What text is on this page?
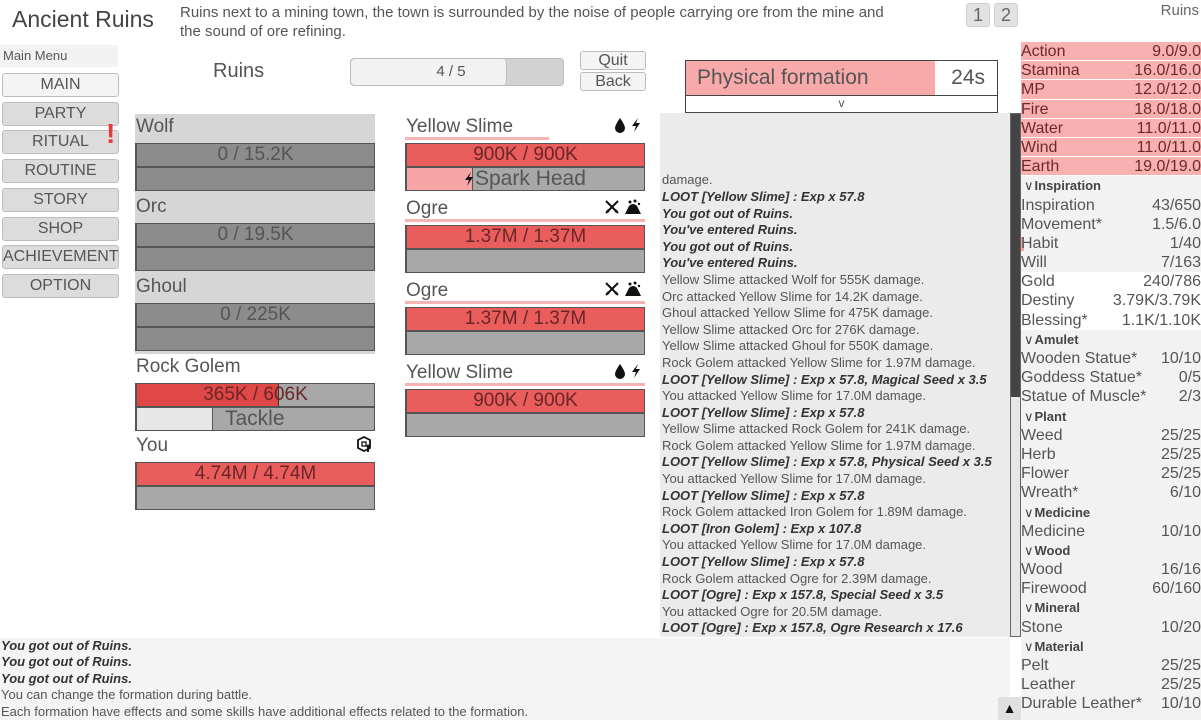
Ancient Ruins Ruins next to a mining town, the town is surrounded by the noise of people carrying ore from the mine and the sound of ore refining.
1 2	Ruins
Main Menu
MAIN
PARTY
RITUAL
ROUTINE
STORY
SHOP
ACHIEVEMENT
OPTION
!
Ruins	4 / 5
Quit
Back	Physical formation	24s
v
Wolf
0 / 15.2K
Orc
0 / 19.5K
Ghoul
0 / 225K
Rock Golem
365K / 606K
Tackle
You
4.74M / 4.74M
Yellow Slime
900K / 900K
Spark Head
Ogre
1.37M / 1.37M
Ogre
1.37M / 1.37M
Yellow Slime
900K / 900K
damage.
LOOT [Yellow Slime] : Exp x 57.8
You got out of Ruins.
You've entered Ruins.
You got out of Ruins.
You've entered Ruins.
Yellow Slime attacked Wolf for 555K damage.
Orc attacked Yellow Slime for 14.2K damage.
Ghoul attacked Yellow Slime for 475K damage.
Yellow Slime attacked Orc for 276K damage.
Yellow Slime attacked Ghoul for 550K damage.
Rock Golem attacked Yellow Slime for 1.97M damage.
LOOT [Yellow Slime] : Exp x 57.8, Magical Seed x 3.5
You attacked Yellow Slime for 17.0M damage.
LOOT [Yellow Slime] : Exp x 57.8
Yellow Slime attacked Rock Golem for 241K damage.
Rock Golem attacked Yellow Slime for 1.97M damage.
LOOT [Yellow Slime] : Exp x 57.8, Physical Seed x 3.5
You attacked Yellow Slime for 17.0M damage.
LOOT [Yellow Slime] : Exp x 57.8
Rock Golem attacked Iron Golem for 1.89M damage.
LOOT [Iron Golem] : Exp x 107.8
You attacked Yellow Slime for 17.0M damage.
LOOT [Yellow Slime] : Exp x 57.8
Rock Golem attacked Ogre for 2.39M damage.
LOOT [Ogre] : Exp x 157.8, Special Seed x 3.5
You attacked Ogre for 20.5M damage.
LOOT [Ogre] : Exp x 157.8, Ogre Research x 17.6
Action	9.0/9.0
Stamina	16.0/16.0
MP	12.0/12.0
Fire	18.0/18.0
Water	11.0/11.0
Wind	11.0/11.0
Earth	19.0/19.0
∨Inspiration
Inspiration	43/650
Movement*	1.5/6.0
Habit	1/40
Will	7/163
Gold	240/786
Destiny 3.79K/3.79K
Blessing* 1.1K/1.10K
∨Amulet
Wooden Statue* 10/10
Goddess Statue* 0/5
Statue of Muscle* 2/3
∨Plant
Weed	25/25
Herb	25/25
Flower	25/25
Wreath*	6/10
∨Medicine
Medicine	10/10
∨Wood
Wood	16/16
Firewood	60/160
∨Mineral
Stone	10/20
∨Material
Pelt	25/25
Leather	25/25
Durable Leather* 10/10
You got out of Ruins.
You got out of Ruins.
You got out of Ruins.
You can change the formation during battle.
Each formation have effects and some skills have additional effects related to the formation.	▲
